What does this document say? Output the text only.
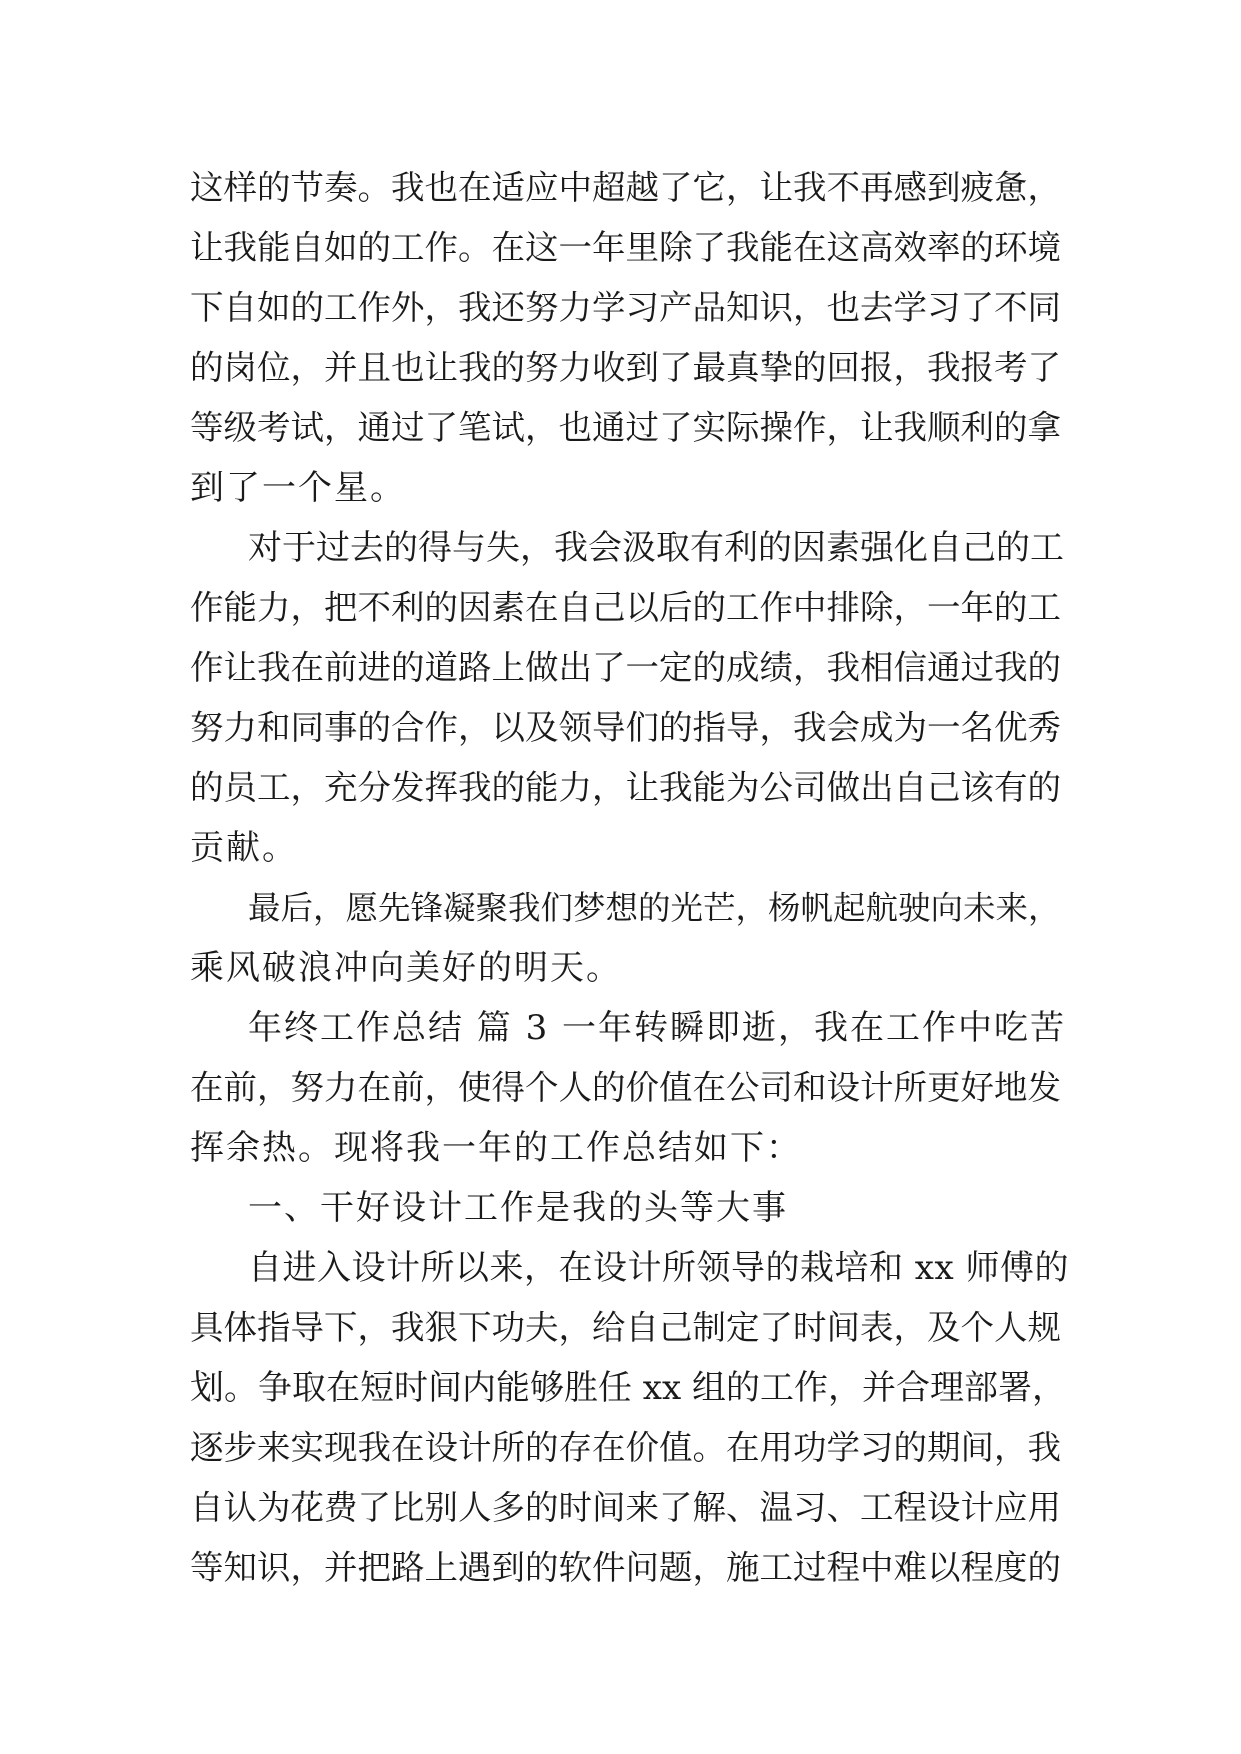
这样的节奏。我也在适应中超越了它，让我不再感到疲惫，
让我能自如的工作。在这一年里除了我能在这高效率的环境
下自如的工作外，我还努力学习产品知识，也去学习了不同
的岗位，并且也让我的努力收到了最真挚的回报，我报考了
等级考试，通过了笔试，也通过了实际操作，让我顺利的拿
到了一个星。
对于过去的得与失，我会汲取有利的因素强化自己的工
作能力，把不利的因素在自己以后的工作中排除，一年的工
作让我在前进的道路上做出了一定的成绩，我相信通过我的
努力和同事的合作，以及领导们的指导，我会成为一名优秀
的员工，充分发挥我的能力，让我能为公司做出自己该有的
贡献。
最后，愿先锋凝聚我们梦想的光芒，杨帆起航驶向未来，
乘风破浪冲向美好的明天。
年终工作总结 篇 3 一年转瞬即逝，我在工作中吃苦
在前，努力在前，使得个人的价值在公司和设计所更好地发
挥余热。现将我一年的工作总结如下：
一、干好设计工作是我的头等大事
自进入设计所以来，在设计所领导的栽培和 xx 师傅的
具体指导下，我狠下功夫，给自己制定了时间表，及个人规
划。争取在短时间内能够胜任 xx 组的工作，并合理部署，
逐步来实现我在设计所的存在价值。在用功学习的期间，我
自认为花费了比别人多的时间来了解、温习、工程设计应用
等知识，并把路上遇到的软件问题，施工过程中难以程度的
